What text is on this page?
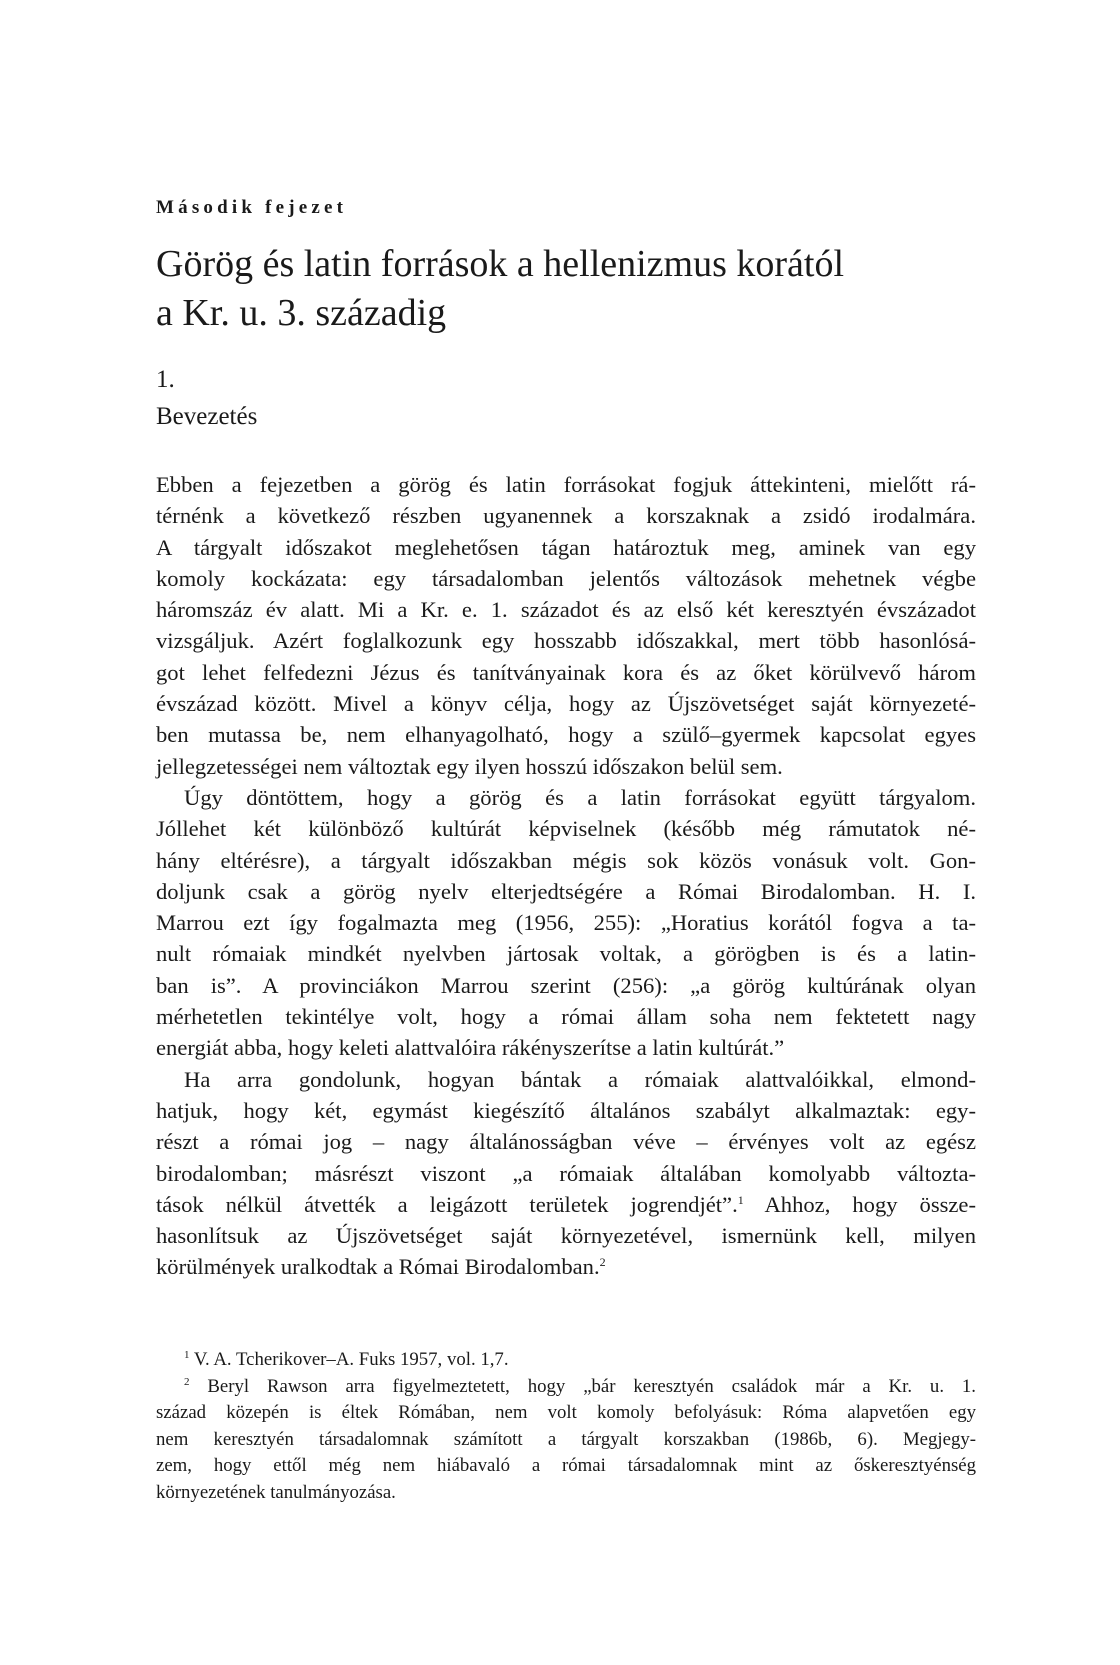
Második fejezet
Görög és latin források a hellenizmus korától
a Kr. u. 3. századig
1.
Bevezetés
Ebben a fejezetben a görög és latin forrásokat fogjuk áttekinteni, mielőtt rá-
térnénk a következő részben ugyanennek a korszaknak a zsidó irodalmára.
A tárgyalt időszakot meglehetősen tágan határoztuk meg, aminek van egy
komoly kockázata: egy társadalomban jelentős változások mehetnek végbe
háromszáz év alatt. Mi a Kr. e. 1. századot és az első két keresztyén évszázadot
vizsgáljuk. Azért foglalkozunk egy hosszabb időszakkal, mert több hasonlósá-
got lehet felfedezni Jézus és tanítványainak kora és az őket körülvevő három
évszázad között. Mivel a könyv célja, hogy az Újszövetséget saját környezeté-
ben mutassa be, nem elhanyagolható, hogy a szülő–gyermek kapcsolat egyes
jellegzetességei nem változtak egy ilyen hosszú időszakon belül sem.
Úgy döntöttem, hogy a görög és a latin forrásokat együtt tárgyalom.
Jóllehet két különböző kultúrát képviselnek (később még rámutatok né-
hány eltérésre), a tárgyalt időszakban mégis sok közös vonásuk volt. Gon-
doljunk csak a görög nyelv elterjedtségére a Római Birodalomban. H. I.
Marrou ezt így fogalmazta meg (1956, 255): „Horatius korától fogva a ta-
nult rómaiak mindkét nyelvben jártosak voltak, a görögben is és a latin-
ban is”. A provinciákon Marrou szerint (256): „a görög kultúrának olyan
mérhetetlen tekintélye volt, hogy a római állam soha nem fektetett nagy
energiát abba, hogy keleti alattvalóira rákényszerítse a latin kultúrát.”
Ha arra gondolunk, hogyan bántak a rómaiak alattvalóikkal, elmond-
hatjuk, hogy két, egymást kiegészítő általános szabályt alkalmaztak: egy-
részt a római jog – nagy általánosságban véve – érvényes volt az egész
birodalomban; másrészt viszont „a rómaiak általában komolyabb változta-
tások nélkül átvették a leigázott területek jogrendjét”.$^1$ Ahhoz, hogy össze-
hasonlítsuk az Újszövetséget saját környezetével, ismernünk kell, milyen
körülmények uralkodtak a Római Birodalomban.$^2$
$^1$ V. A. Tcherikover–A. Fuks 1957, vol. 1,7.
$^2$ Beryl Rawson arra figyelmeztetett, hogy „bár keresztyén családok már a Kr. u. 1.
század közepén is éltek Rómában, nem volt komoly befolyásuk: Róma alapvetően egy
nem keresztyén társadalomnak számított a tárgyalt korszakban (1986b, 6). Megjegy-
zem, hogy ettől még nem hiábavaló a római társadalomnak mint az őskeresztyénség
környezetének tanulmányozása.
